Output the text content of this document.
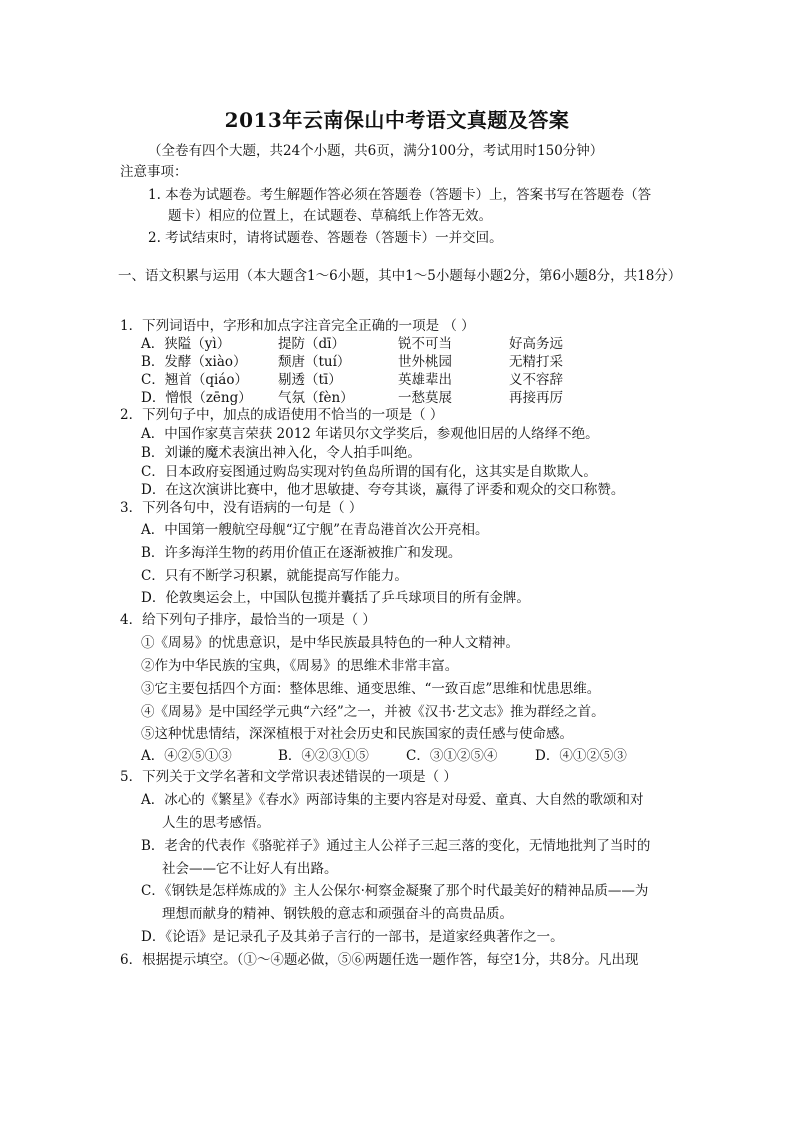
2013年云南保山中考语文真题及答案
（全卷有四个大题，共24个小题，共6页，满分100分，考试用时150分钟）
注意事项：
1. 本卷为试题卷。考生解题作答必须在答题卷（答题卡）上，答案书写在答题卷（答
题卡）相应的位置上，在试题卷、草稿纸上作答无效。
2. 考试结束时，请将试题卷、答题卷（答题卡）一并交回。
一、语文积累与运用（本大题含1～6小题，其中1～5小题每小题2分，第6小题8分，共18分）
1．下列词语中，字形和加点字注音完全正确的一项是 （ ）
A．狭隘（yì）	提防（dī）	锐不可当	好高务远
B．发酵（xiào） 颓唐（tuí）	世外桃园	无精打采
C．翘首（qiáo） 剔透（tī）	英雄辈出	义不容辞
D．憎恨（zēng） 气氛（fèn）	一愁莫展	再接再厉
2．下列句子中，加点的成语使用不恰当的一项是（ ）
A．中国作家莫言荣获 2012 年诺贝尔文学奖后，参观他旧居的人络绎不绝。
B．刘谦的魔术表演出神入化，令人拍手叫绝。
C．日本政府妄图通过购岛实现对钓鱼岛所谓的国有化，这其实是自欺欺人。
D．在这次演讲比赛中，他才思敏捷、夸夸其谈，赢得了评委和观众的交口称赞。
3．下列各句中，没有语病的一句是（ ）
A．中国第一艘航空母舰“辽宁舰”在青岛港首次公开亮相。
B．许多海洋生物的药用价值正在逐渐被推广和发现。
C．只有不断学习积累，就能提高写作能力。
D．伦敦奥运会上，中国队包揽并囊括了乒乓球项目的所有金牌。
4．给下列句子排序，最恰当的一项是（ ）
①《周易》的忧患意识，是中华民族最具特色的一种人文精神。
②作为中华民族的宝典，《周易》的思维术非常丰富。
③它主要包括四个方面：整体思维、通变思维、“一致百虑”思维和忧患思维。
④《周易》是中国经学元典“六经”之一，并被《汉书·艺文志》推为群经之首。
⑤这种忧患情结，深深植根于对社会历史和民族国家的责任感与使命感。
A．④②⑤①③	B．④②③①⑤	C．③①②⑤④	D．④①②⑤③
5．下列关于文学名著和文学常识表述错误的一项是（ ）
A．冰心的《繁星》《春水》两部诗集的主要内容是对母爱、童真、大自然的歌颂和对
人生的思考感悟。
B．老舍的代表作《骆驼祥子》通过主人公祥子三起三落的变化，无情地批判了当时的
社会——它不让好人有出路。
C．《钢铁是怎样炼成的》主人公保尔·柯察金凝聚了那个时代最美好的精神品质——为
理想而献身的精神、钢铁般的意志和顽强奋斗的高贵品质。
D．《论语》是记录孔子及其弟子言行的一部书，是道家经典著作之一。
6．根据提示填空。（①～④题必做，⑤⑥两题任选一题作答，每空1分，共8分。凡出现
